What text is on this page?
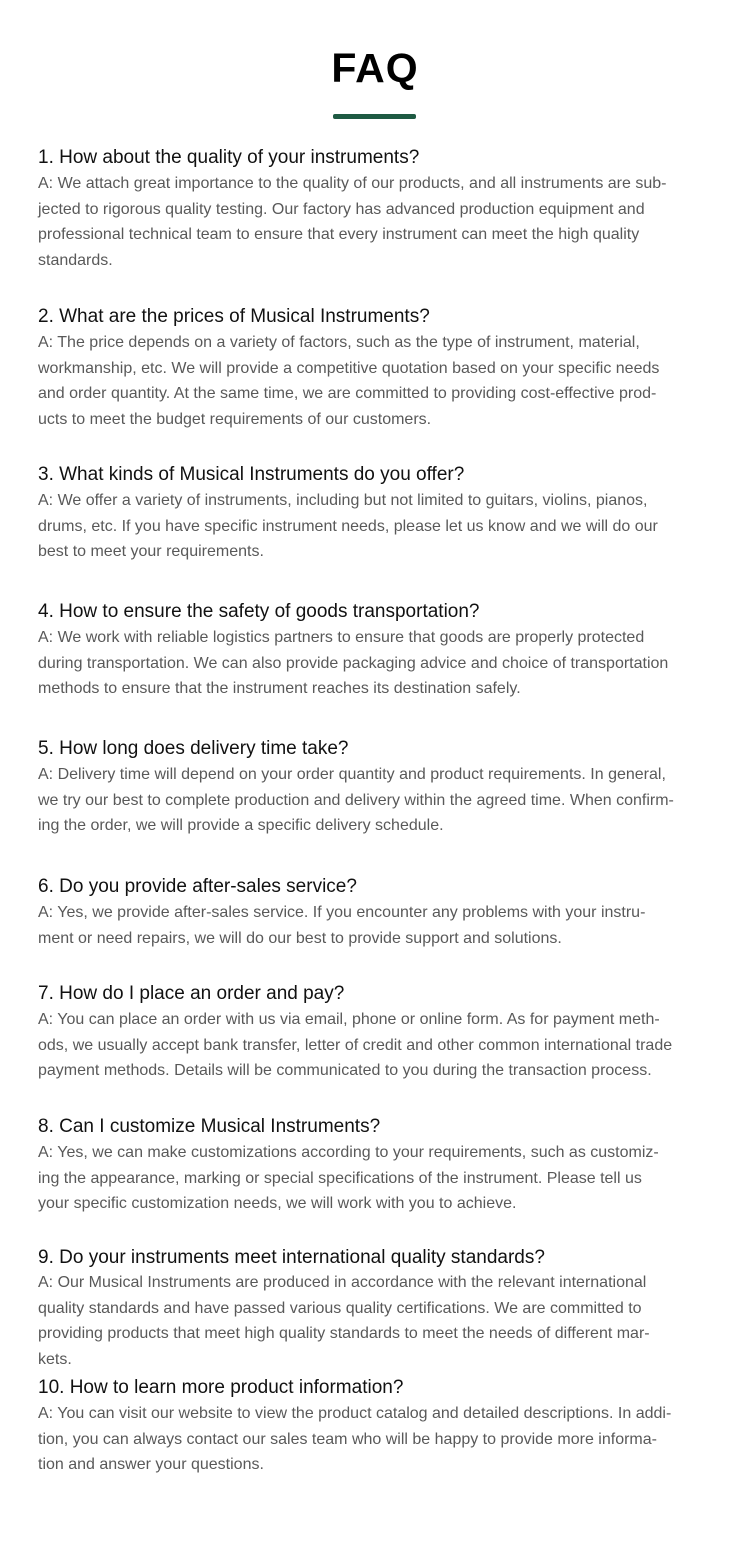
FAQ

1. How about the quality of your instruments?

A: We attach great importance to the quality of our products, and all instruments are sub-
jected to rigorous quality testing. Our factory has advanced production equipment and
professional technical team to ensure that every instrument can meet the high quality
standards.

2. What are the prices of Musical Instruments?

A: The price depends on a variety of factors, such as the type of instrument, material,
workmanship, etc. We will provide a competitive quotation based on your specific needs
and order quantity. At the same time, we are committed to providing cost-effective prod-
ucts to meet the budget requirements of our customers.

3. What kinds of Musical Instruments do you offer?

A: We offer a variety of instruments, including but not limited to guitars, violins, pianos,
drums, etc. If you have specific instrument needs, please let us know and we will do our
best to meet your requirements.

4. How to ensure the safety of goods transportation?

A: We work with reliable logistics partners to ensure that goods are properly protected
during transportation. We can also provide packaging advice and choice of transportation
methods to ensure that the instrument reaches its destination safely.

5. How long does delivery time take?

A: Delivery time will depend on your order quantity and product requirements. In general,
we try our best to complete production and delivery within the agreed time. When confirm-
ing the order, we will provide a specific delivery schedule.

6. Do you provide after-sales service?

A: Yes, we provide after-sales service. If you encounter any problems with your instru-
ment or need repairs, we will do our best to provide support and solutions.

7. How do I place an order and pay?

A: You can place an order with us via email, phone or online form. As for payment meth-
ods, we usually accept bank transfer, letter of credit and other common international trade
payment methods. Details will be communicated to you during the transaction process.

8. Can I customize Musical Instruments?

A: Yes, we can make customizations according to your requirements, such as customiz-
ing the appearance, marking or special specifications of the instrument. Please tell us
your specific customization needs, we will work with you to achieve.

9. Do your instruments meet international quality standards?

A: Our Musical Instruments are produced in accordance with the relevant international
quality standards and have passed various quality certifications. We are committed to
providing products that meet high quality standards to meet the needs of different mar-
kets.

10. How to learn more product information?

A: You can visit our website to view the product catalog and detailed descriptions. In addi-
tion, you can always contact our sales team who will be happy to provide more informa-
tion and answer your questions.
